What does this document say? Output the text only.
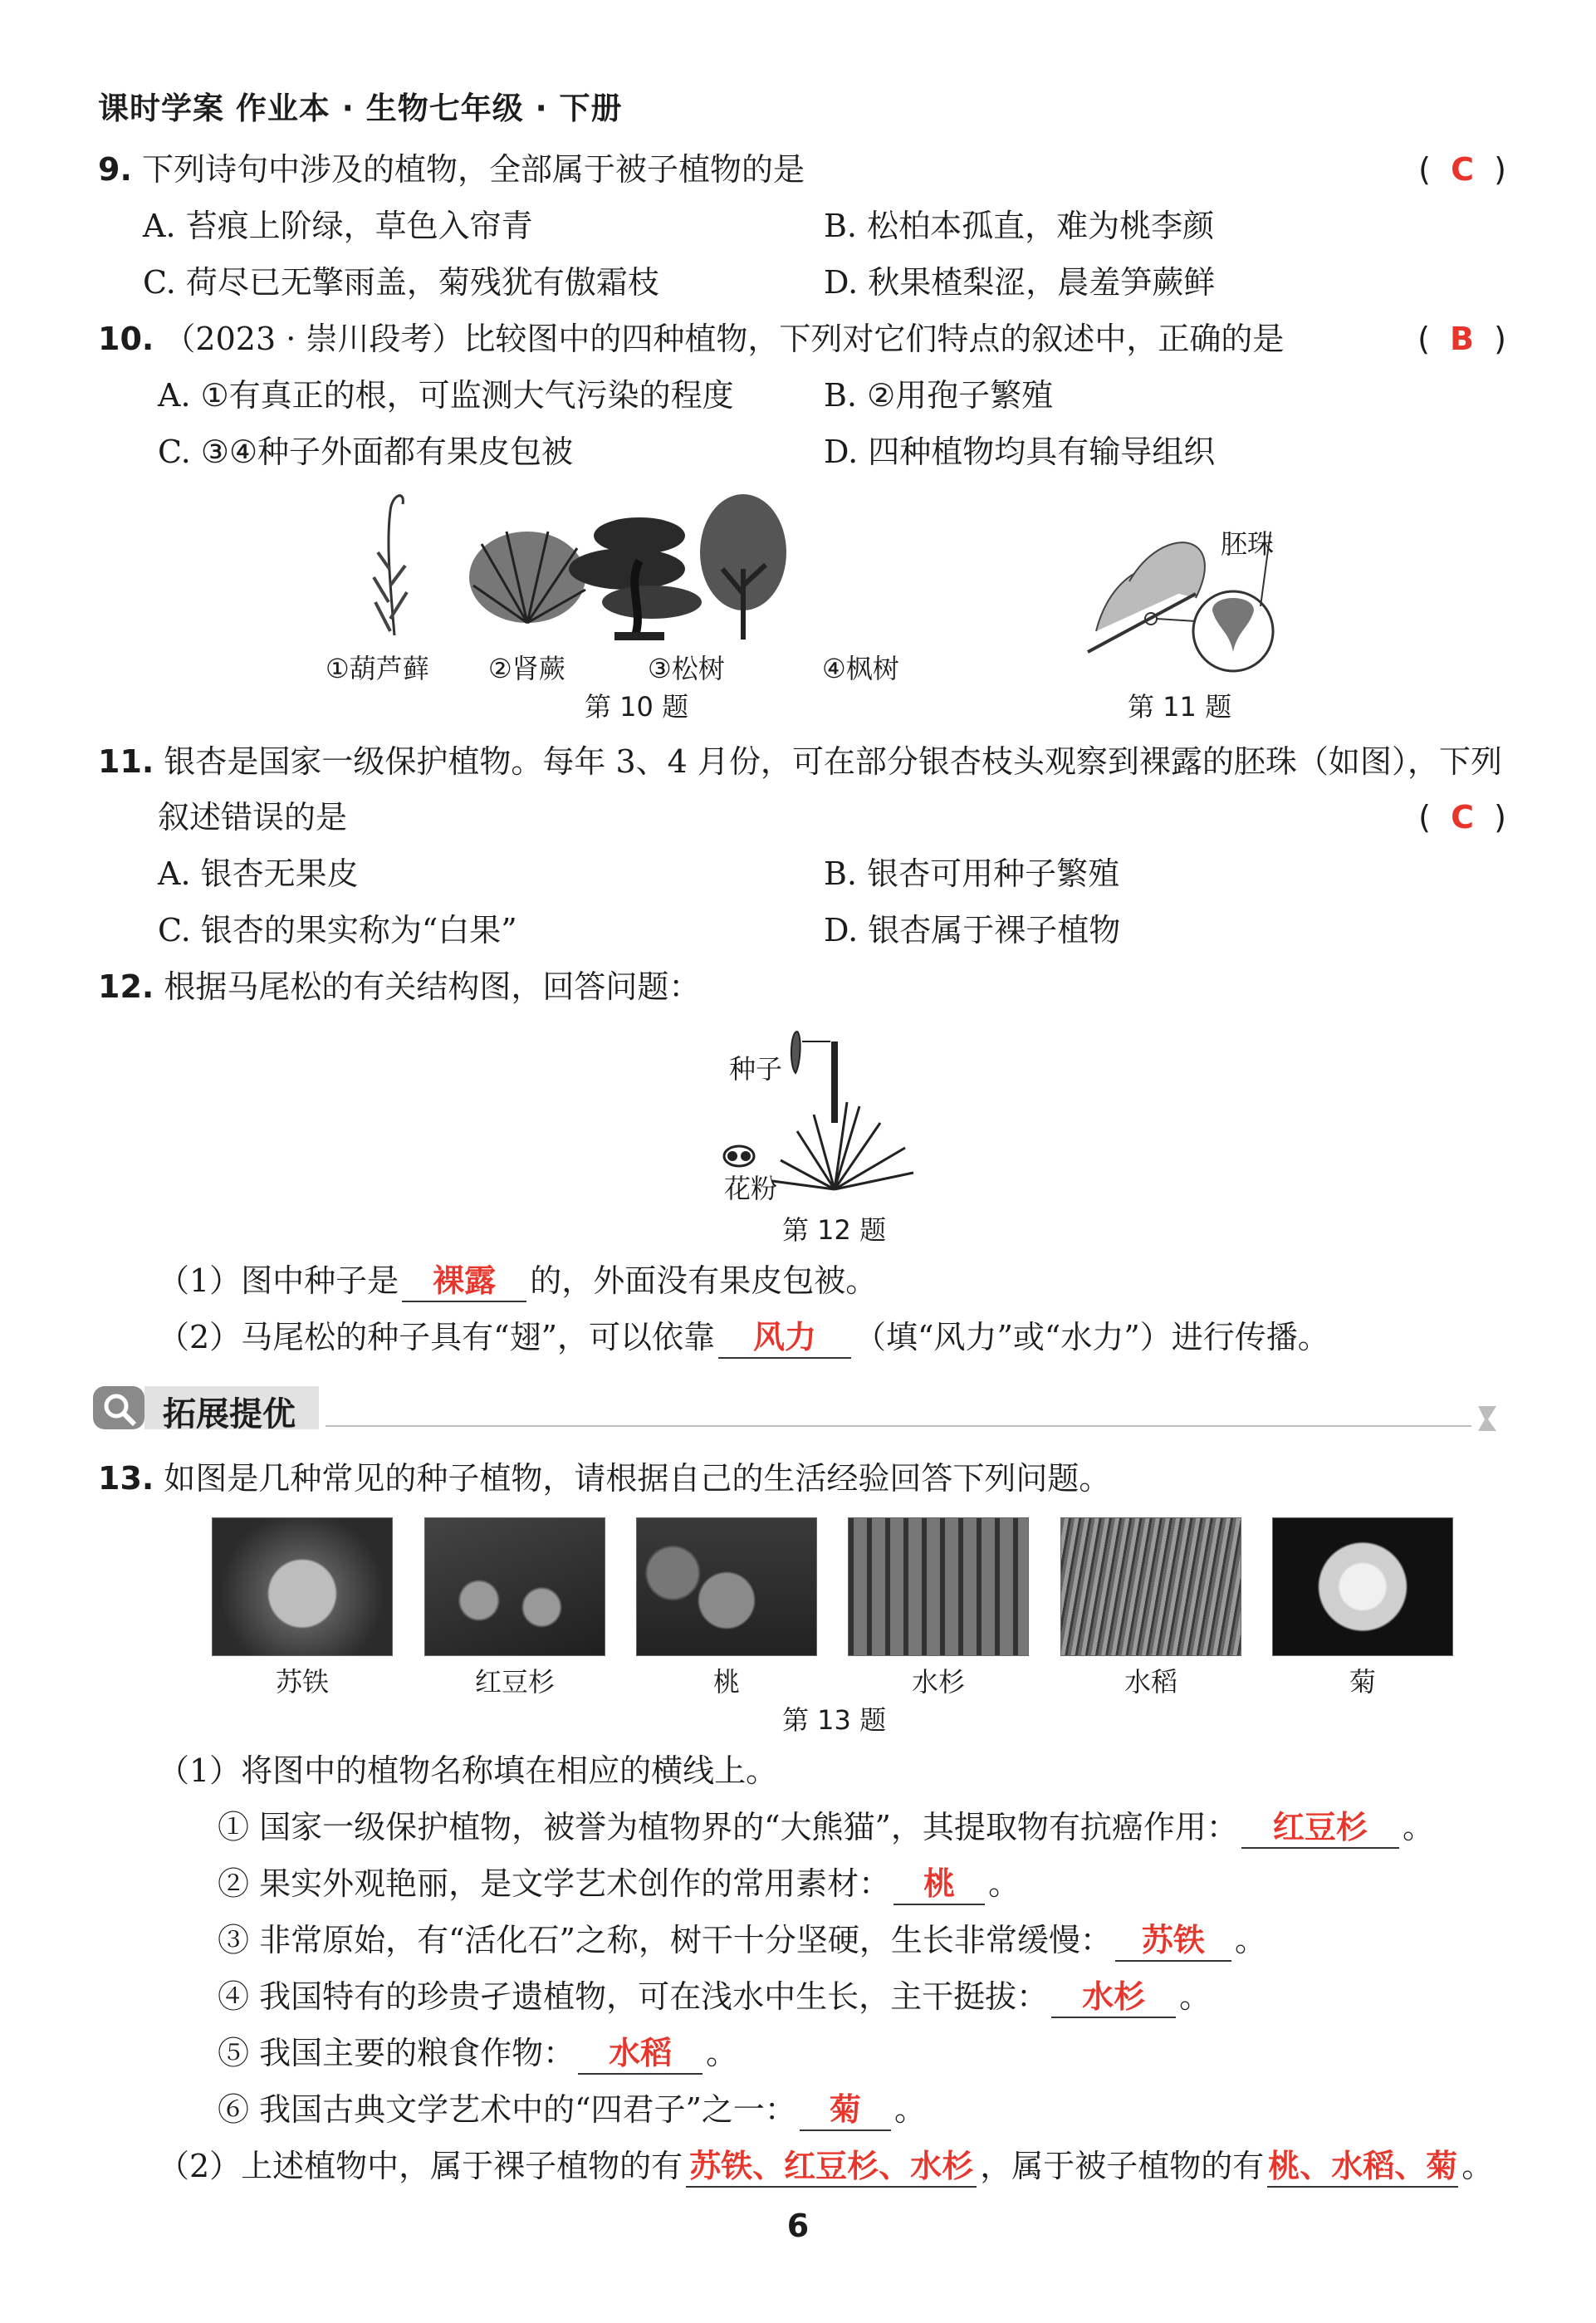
课时学案 作业本 · 生物七年级 · 下册
9. 下列诗句中涉及的植物，全部属于被子植物的是	(  C  )
A. 苔痕上阶绿，草色入帘青	B. 松柏本孤直，难为桃李颜
C. 荷尽已无擎雨盖，菊残犹有傲霜枝	D. 秋果楂梨涩，晨羞笋蕨鲜
10. （2023 · 崇川段考）比较图中的四种植物，下列对它们特点的叙述中，正确的是	(  B  )
A. ①有真正的根，可监测大气污染的程度	B. ②用孢子繁殖
C. ③④种子外面都有果皮包被	D. 四种植物均具有输导组织
①葫芦藓 ②肾蕨	③松树	④枫树
第 10 题
胚珠
第 11 题
11. 银杏是国家一级保护植物。每年 3、4 月份，可在部分银杏枝头观察到裸露的胚珠（如图），下列
叙述错误的是	(  C  )
A. 银杏无果皮	B. 银杏可用种子繁殖
C. 银杏的果实称为“白果”	D. 银杏属于裸子植物
12. 根据马尾松的有关结构图，回答问题：
种子
花粉
第 12 题
（1）图中种子是 裸露 的，外面没有果皮包被。
（2）马尾松的种子具有“翅”，可以依靠 风力 （填“风力”或“水力”）进行传播。
拓展提优
13. 如图是几种常见的种子植物，请根据自己的生活经验回答下列问题。
苏铁	红豆杉	桃	水杉	水稻	菊
第 13 题
（1）将图中的植物名称填在相应的横线上。
① 国家一级保护植物，被誉为植物界的“大熊猫”，其提取物有抗癌作用： 红豆杉 。
② 果实外观艳丽，是文学艺术创作的常用素材： 桃 。
③ 非常原始，有“活化石”之称，树干十分坚硬，生长非常缓慢： 苏铁 。
④ 我国特有的珍贵孑遗植物，可在浅水中生长，主干挺拔： 水杉 。
⑤ 我国主要的粮食作物： 水稻 。
⑥ 我国古典文学艺术中的“四君子”之一： 菊 。
（2）上述植物中，属于裸子植物的有 苏铁、红豆杉、水杉 ，属于被子植物的有 桃、水稻、菊 。
6
